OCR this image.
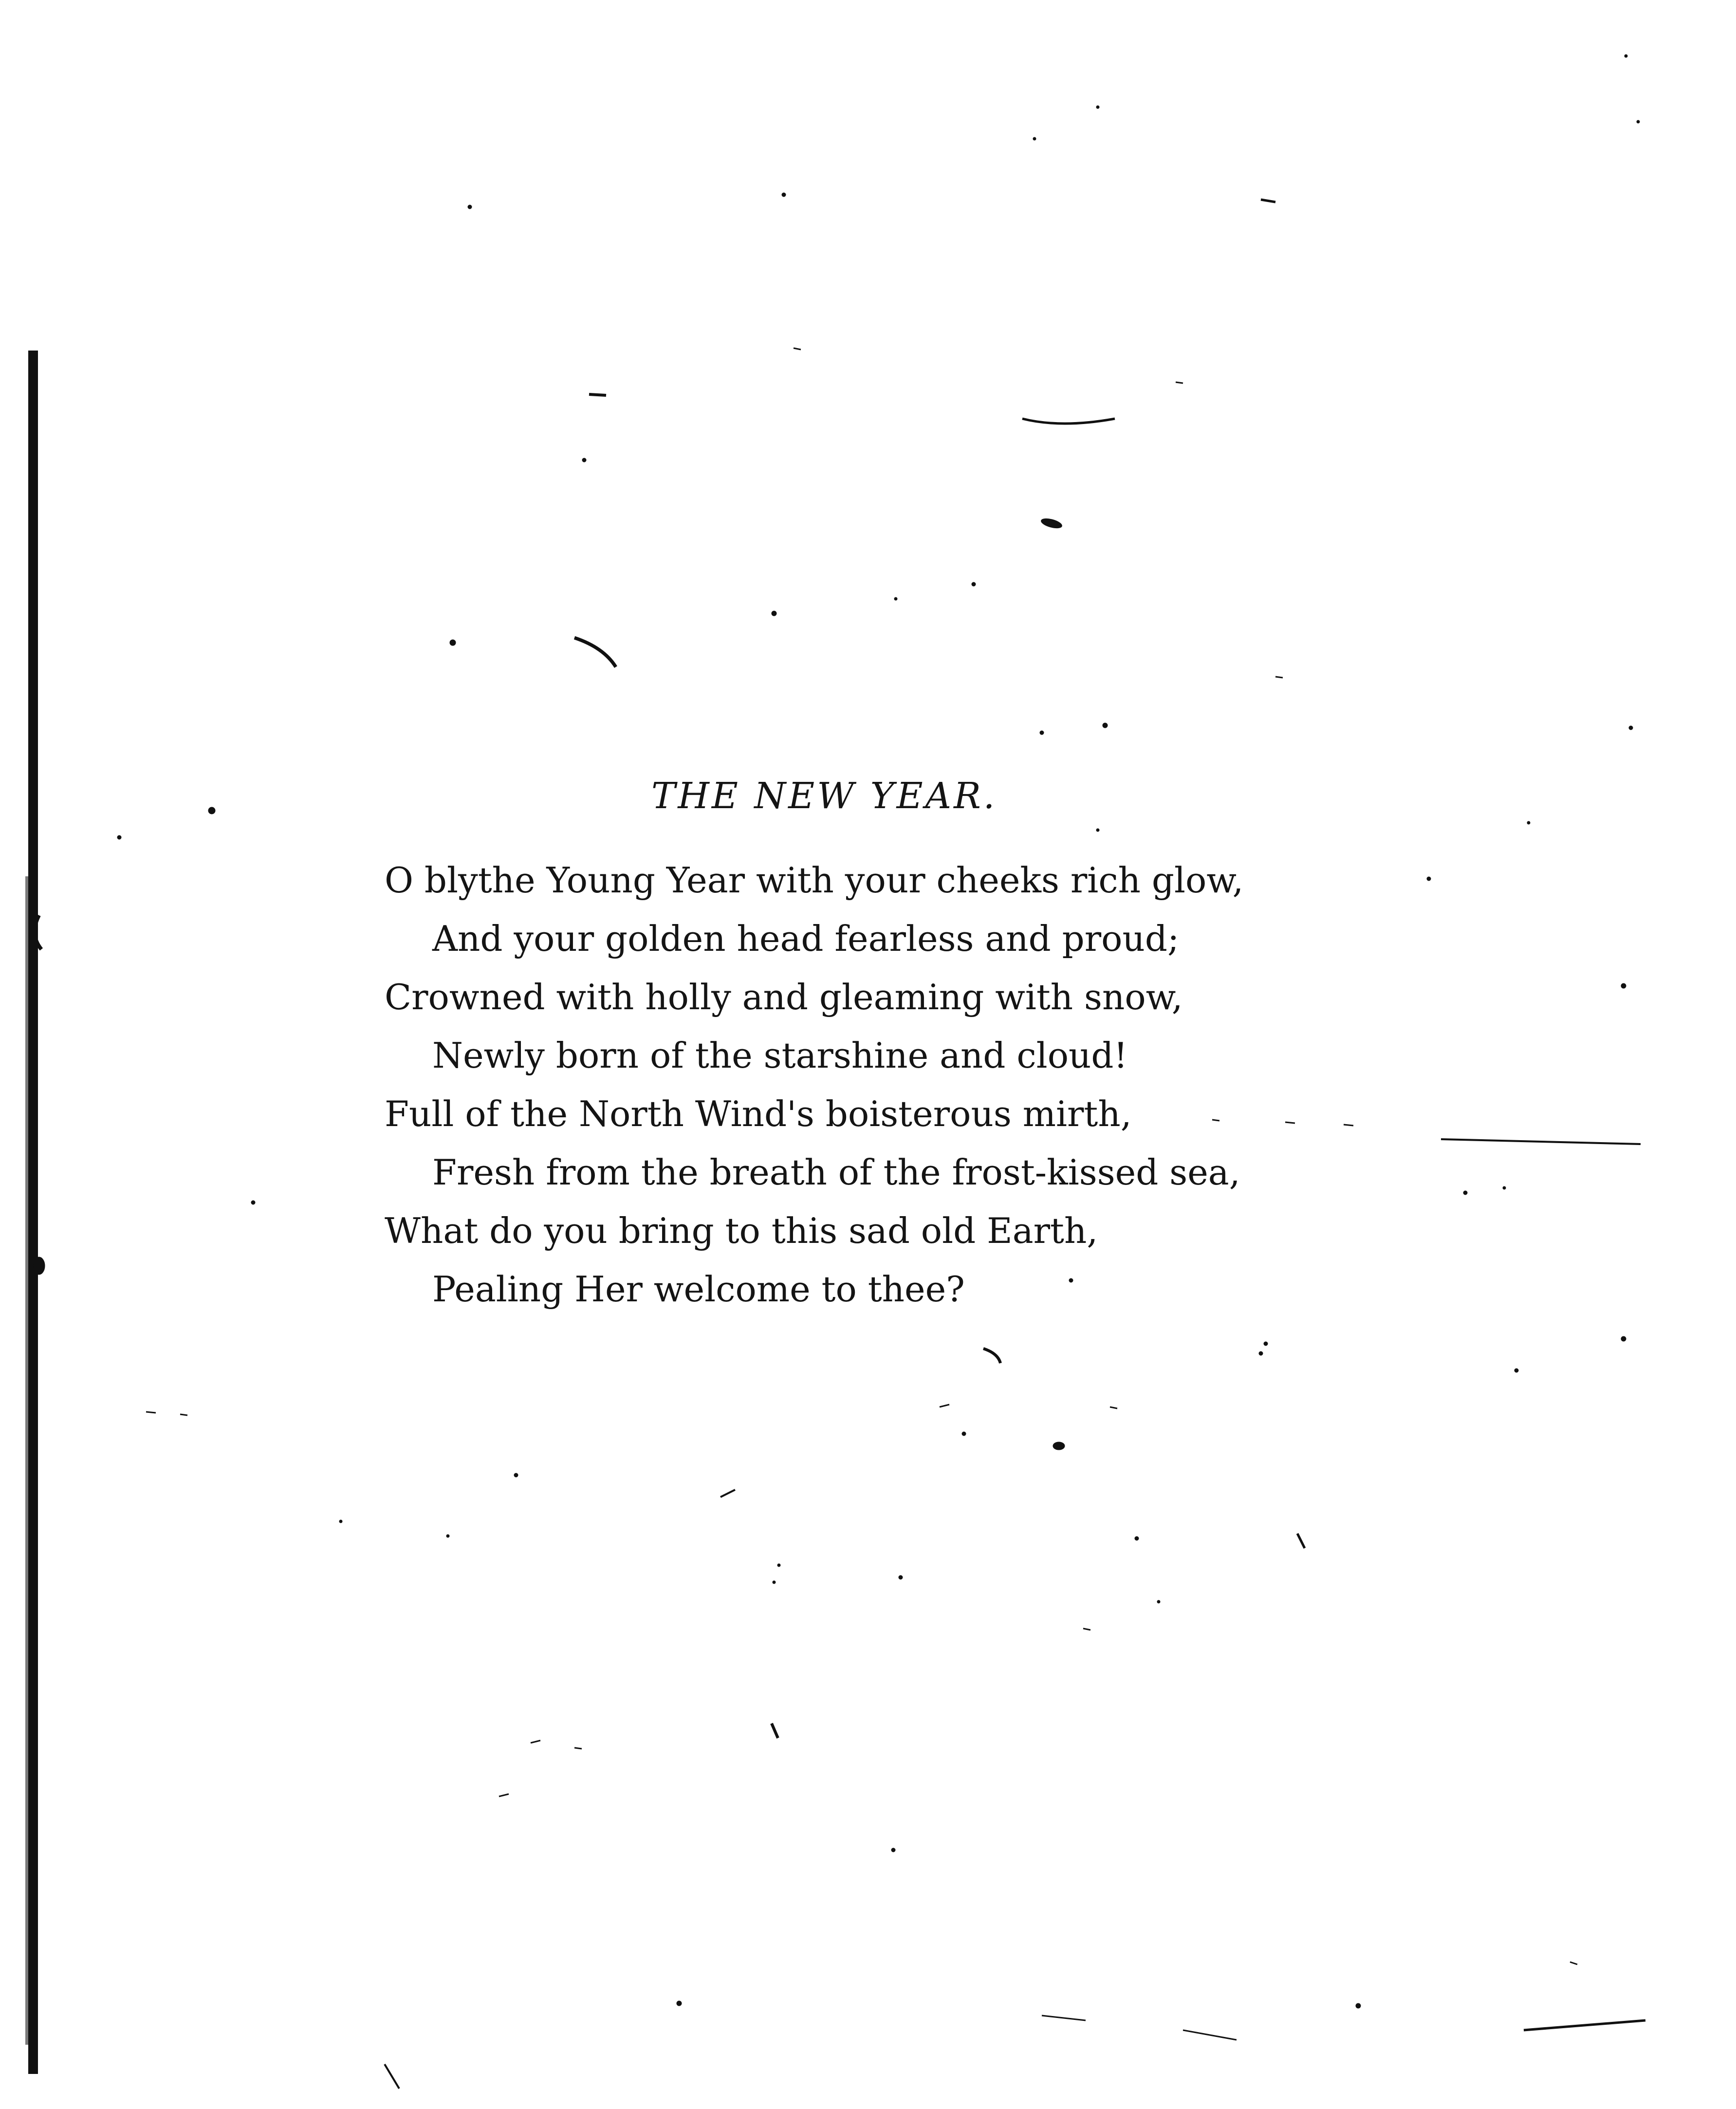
THE NEW YEAR.
O blythe Young Year with your cheeks rich glow,
And your golden head fearless and proud;
Crowned with holly and gleaming with snow,
Newly born of the starshine and cloud!
Full of the North Wind's boisterous mirth,
Fresh from the breath of the frost-kissed sea,
What do you bring to this sad old Earth,
Pealing Her welcome to thee?
